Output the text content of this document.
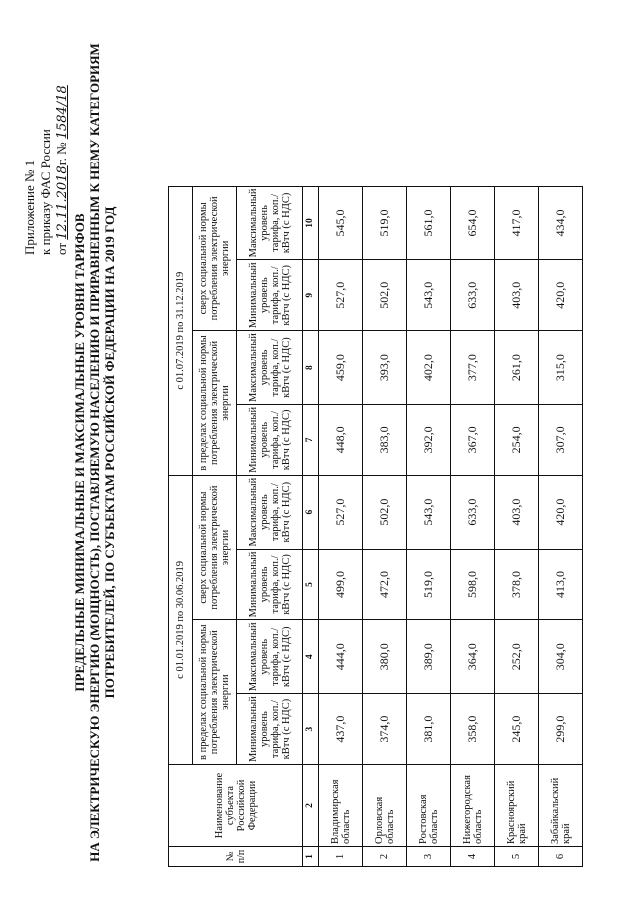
Приложение № 1 к приказу ФАС России от 12.11.2018г. № 1584/18
ПРЕДЕЛЬНЫЕ МИНИМАЛЬНЫЕ И МАКСИМАЛЬНЫЕ УРОВНИ ТАРИФОВ НА ЭЛЕКТРИЧЕСКУЮ ЭНЕРГИЮ (МОЩНОСТЬ), ПОСТАВЛЯЕМУЮ НАСЕЛЕНИЮ И ПРИРАВНЕННЫМ К НЕМУ КАТЕГОРИЯМ ПОТРЕБИТЕЛЕЙ, ПО СУБЪЕКТАМ РОССИЙСКОЙ ФЕДЕРАЦИИ НА 2019 ГОД
№ п/п	Наименование субъекта Российской Федерации	с 01.01.2019 по 30.06.2019				с 01.07.2019 по 31.12.2019			
		в пределах социальной нормы потребления электрической энергии		сверх социальной нормы потребления электрической энергии		в пределах социальной нормы потребления электрической энергии		сверх социальной нормы потребления электрической энергии	
		Минимальный уровень тарифа, коп./кВтч (с НДС)	Максимальный уровень тарифа, коп./кВтч (с НДС)	Минимальный уровень тарифа, коп./кВтч (с НДС)	Максимальный уровень тарифа, коп./кВтч (с НДС)	Минимальный уровень тарифа, коп./кВтч (с НДС)	Максимальный уровень тарифа, коп./кВтч (с НДС)	Минимальный уровень тарифа, коп./кВтч (с НДС)	Максимальный уровень тарифа, коп./кВтч (с НДС)
1	2	3	4	5	6	7	8	9	10
1	Владимирская область	437,0	444,0	499,0	527,0	448,0	459,0	527,0	545,0
2	Орловская область	374,0	380,0	472,0	502,0	383,0	393,0	502,0	519,0
3	Ростовская область	381,0	389,0	519,0	543,0	392,0	402,0	543,0	561,0
4	Нижегородская область	358,0	364,0	598,0	633,0	367,0	377,0	633,0	654,0
5	Красноярский край	245,0	252,0	378,0	403,0	254,0	261,0	403,0	417,0
6	Забайкальский край	299,0	304,0	413,0	420,0	307,0	315,0	420,0	434,0
